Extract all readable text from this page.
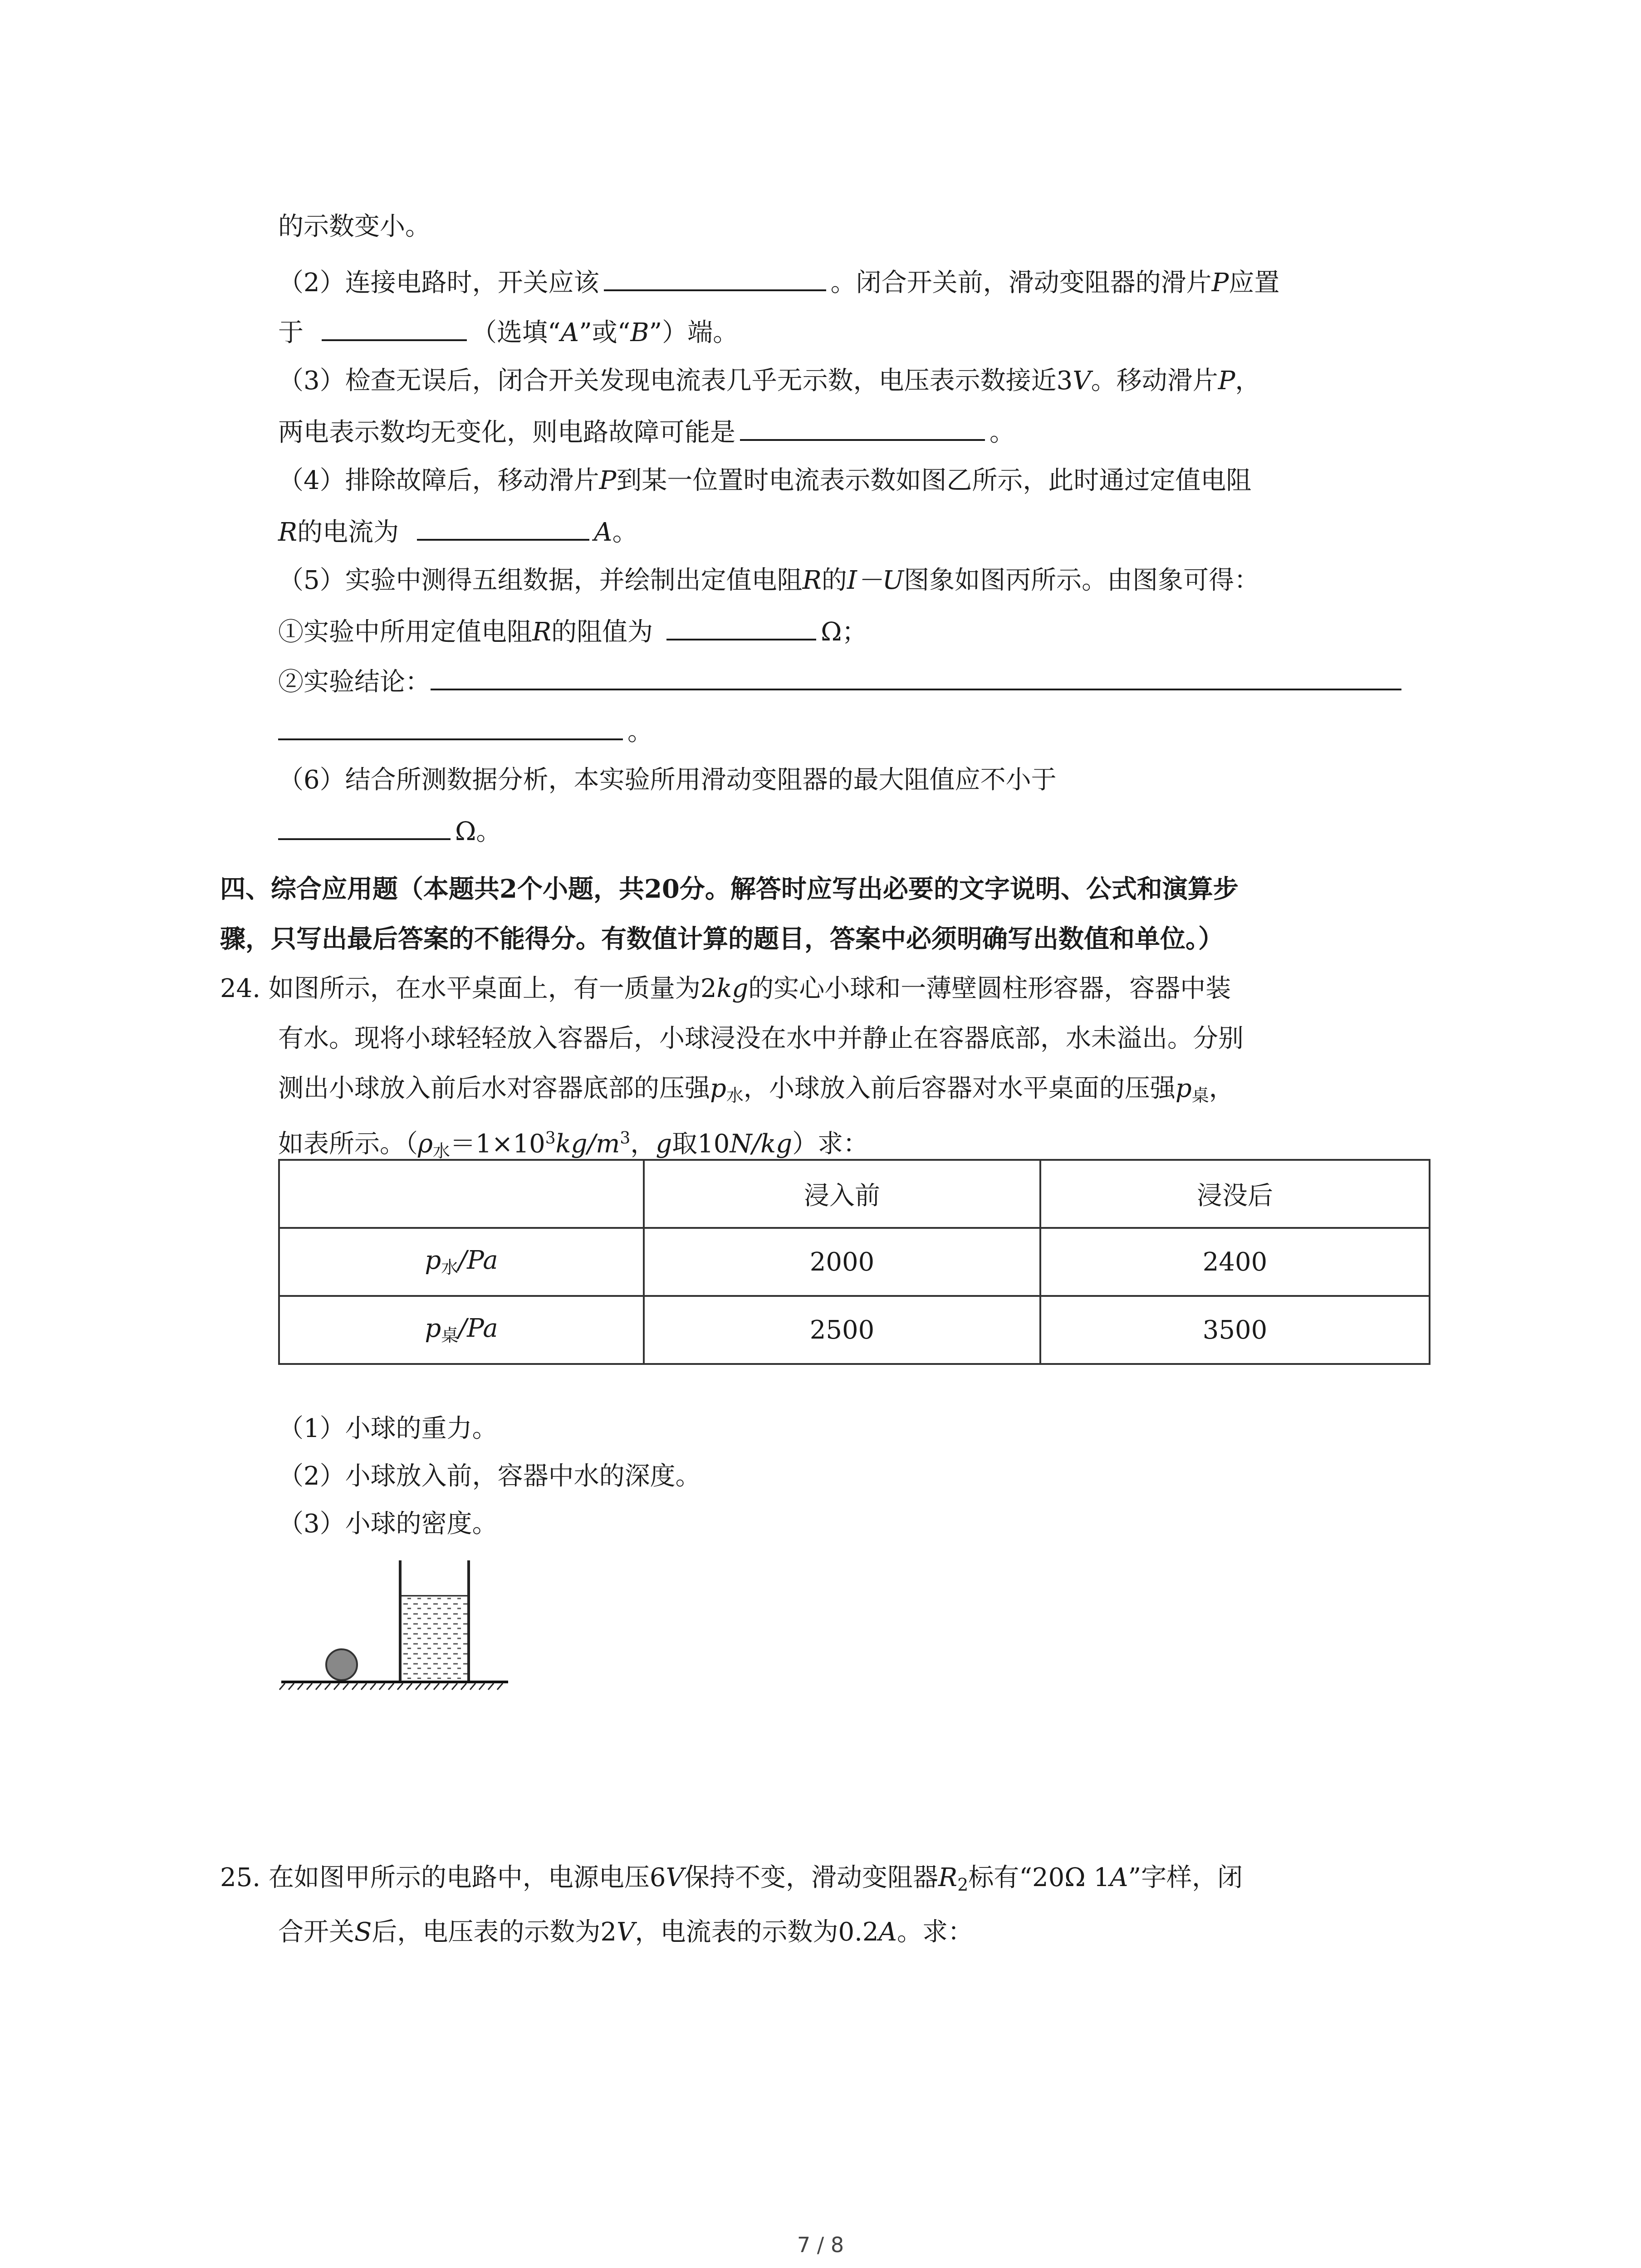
的示数变小。
（2）连接电路时，开关应该	。闭合开关前，滑动变阻器的滑片P应置
于	（选填“A”或“B”）端。
（3）检查无误后，闭合开关发现电流表几乎无示数，电压表示数接近3V。移动滑片P，
两电表示数均无变化，则电路故障可能是	。
（4）排除故障后，移动滑片P到某一位置时电流表示数如图乙所示，此时通过定值电阻
R的电流为	A。
（5）实验中测得五组数据，并绘制出定值电阻R的I－U图象如图丙所示。由图象可得：
①实验中所用定值电阻R的阻值为	Ω；
②实验结论：
。
（6）结合所测数据分析，本实验所用滑动变阻器的最大阻值应不小于
Ω。
四、综合应用题（本题共2个小题，共20分。解答时应写出必要的文字说明、公式和演算步
骤，只写出最后答案的不能得分。有数值计算的题目，答案中必须明确写出数值和单位。）
24. 如图所示，在水平桌面上，有一质量为2kg的实心小球和一薄壁圆柱形容器，容器中装
有水。现将小球轻轻放入容器后，小球浸没在水中并静止在容器底部，水未溢出。分别
测出小球放入前后水对容器底部的压强$p_水$，小球放入前后容器对水平桌面的压强$p_桌$，
如表所示。（$\rho_水=1\times 10^3kg/m^3$，g取10N/kg）求：
	浸入前	浸没后
$p_水/Pa$	2000	2400
$p_桌/Pa$	2500	3500
（1）小球的重力。
（2）小球放入前，容器中水的深度。
（3）小球的密度。
25. 在如图甲所示的电路中，电源电压6V保持不变，滑动变阻器$R_2$标有“20Ω 1A”字样，闭
合开关S后，电压表的示数为2V，电流表的示数为0.2A。求：
7 / 8
